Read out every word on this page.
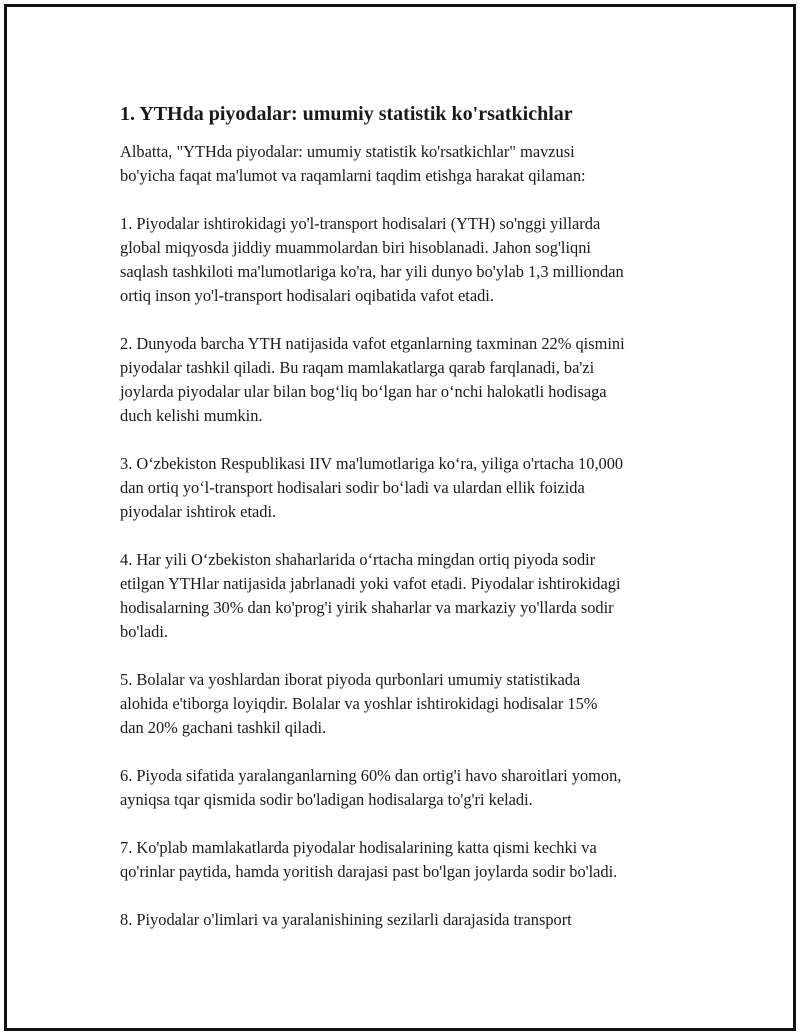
1. YTHda piyodalar: umumiy statistik ko'rsatkichlar

Albatta, "YTHda piyodalar: umumiy statistik ko'rsatkichlar" mavzusi
bo'yicha faqat ma'lumot va raqamlarni taqdim etishga harakat qilaman:

1. Piyodalar ishtirokidagi yo'l-transport hodisalari (YTH) so'nggi yillarda
global miqyosda jiddiy muammolardan biri hisoblanadi. Jahon sog'liqni
saqlash tashkiloti ma'lumotlariga ko'ra, har yili dunyo bo'ylab 1,3 milliondan
ortiq inson yo'l-transport hodisalari oqibatida vafot etadi.

2. Dunyoda barcha YTH natijasida vafot etganlarning taxminan 22% qismini
piyodalar tashkil qiladi. Bu raqam mamlakatlarga qarab farqlanadi, ba'zi
joylarda piyodalar ular bilan bog‘liq bo‘lgan har o‘nchi halokatli hodisaga
duch kelishi mumkin.

3. O‘zbekiston Respublikasi IIV ma'lumotlariga ko‘ra, yiliga o'rtacha 10,000
dan ortiq yo‘l-transport hodisalari sodir bo‘ladi va ulardan ellik foizida
piyodalar ishtirok etadi.

4. Har yili O‘zbekiston shaharlarida o‘rtacha mingdan ortiq piyoda sodir
etilgan YTHlar natijasida jabrlanadi yoki vafot etadi. Piyodalar ishtirokidagi
hodisalarning 30% dan ko'prog'i yirik shaharlar va markaziy yo'llarda sodir
bo'ladi.

5. Bolalar va yoshlardan iborat piyoda qurbonlari umumiy statistikada
alohida e'tiborga loyiqdir. Bolalar va yoshlar ishtirokidagi hodisalar 15%
dan 20% gachani tashkil qiladi.

6. Piyoda sifatida yaralanganlarning 60% dan ortig'i havo sharoitlari yomon,
ayniqsa tqar qismida sodir bo'ladigan hodisalarga to'g'ri keladi.

7. Ko'plab mamlakatlarda piyodalar hodisalarining katta qismi kechki va
qo'rinlar paytida, hamda yoritish darajasi past bo'lgan joylarda sodir bo'ladi.

8. Piyodalar o'limlari va yaralanishining sezilarli darajasida transport
